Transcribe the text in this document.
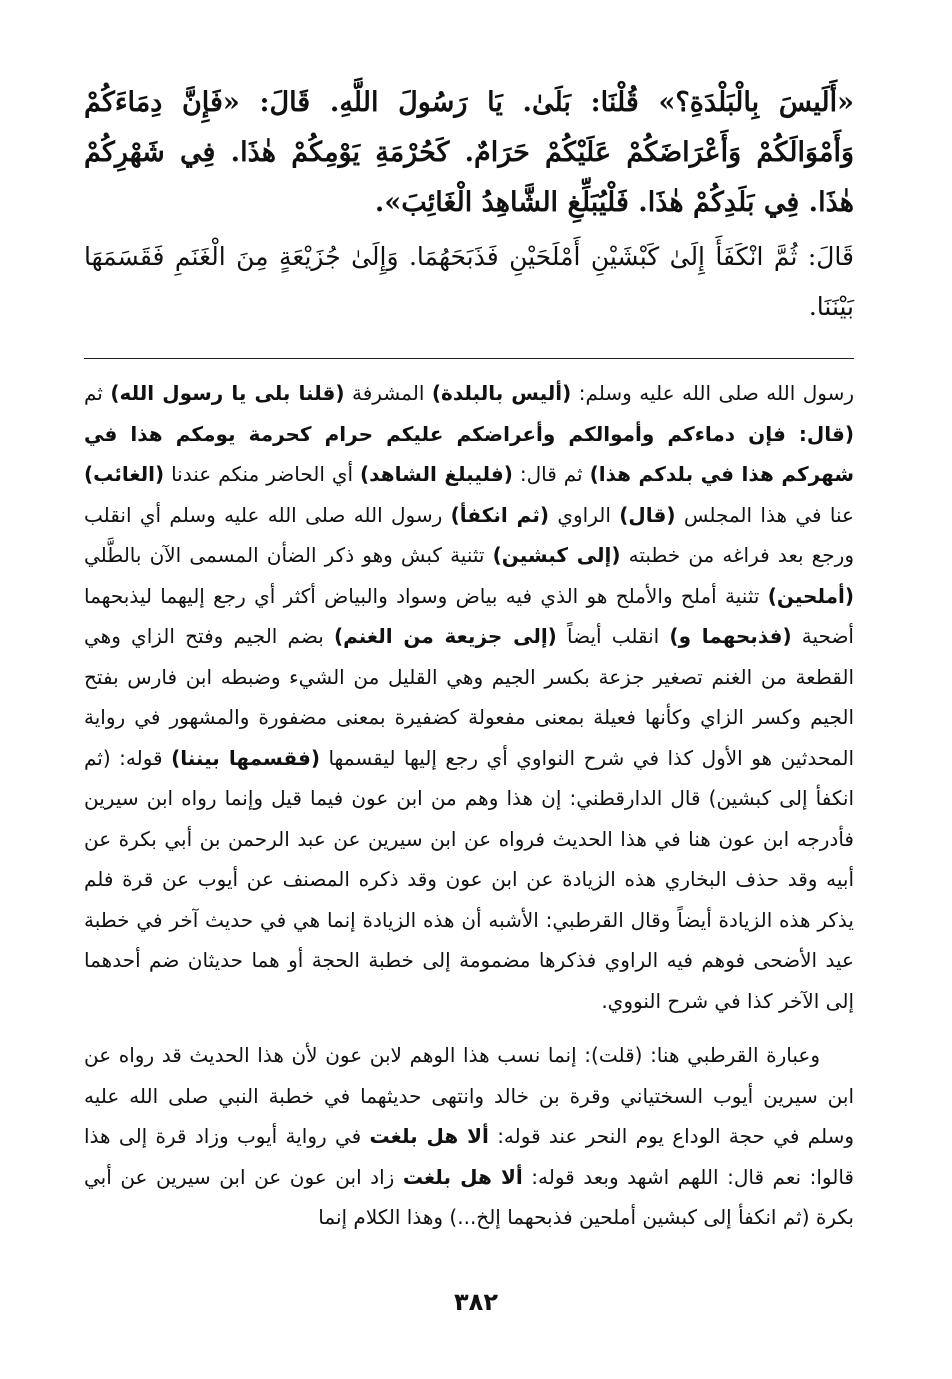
«أَلَيسَ بِالْبَلْدَةِ؟» قُلْنَا: بَلَىٰ. يَا رَسُولَ اللَّهِ. قَالَ: «فَإِنَّ دِمَاءَكُمْ وَأَمْوَالَكُمْ وَأَعْرَاضَكُمْ عَلَيْكُمْ حَرَامٌ. كَحُرْمَةِ يَوْمِكُمْ هٰذَا. فِي شَهْرِكُمْ هٰذَا. فِي بَلَدِكُمْ هٰذَا. فَلْيُبَلِّغِ الشَّاهِدُ الْغَائِبَ».

قَالَ: ثُمَّ انْكَفَأَ إِلَىٰ كَبْشَيْنِ أَمْلَحَيْنِ فَذَبَحَهُمَا. وَإِلَىٰ جُزَيْعَةٍ مِنَ الْغَنَمِ فَقَسَمَهَا بَيْنَنَا.

رسول الله صلى الله عليه وسلم: (أليس بالبلدة) المشرفة (قلنا بلى يا رسول الله) ثم (قال: فإن دماءكم وأموالكم وأعراضكم عليكم حرام كحرمة يومكم هذا في شهركم هذا في بلدكم هذا) ثم قال: (فليبلغ الشاهد) أي الحاضر منكم عندنا (الغائب) عنا في هذا المجلس (قال) الراوي (ثم انكفأ) رسول الله صلى الله عليه وسلم أي انقلب ورجع بعد فراغه من خطبته (إلى كبشين) تثنية كبش وهو ذكر الضأن المسمى الآن بالطَّلي (أملحين) تثنية أملح والأملح هو الذي فيه بياض وسواد والبياض أكثر أي رجع إليهما ليذبحهما أضحية (فذبحهما و) انقلب أيضاً (إلى جزيعة من الغنم) بضم الجيم وفتح الزاي وهي القطعة من الغنم تصغير جزعة بكسر الجيم وهي القليل من الشيء وضبطه ابن فارس بفتح الجيم وكسر الزاي وكأنها فعيلة بمعنى مفعولة كضفيرة بمعنى مضفورة والمشهور في رواية المحدثين هو الأول كذا في شرح النواوي أي رجع إليها ليقسمها (فقسمها بيننا) قوله: (ثم انكفأ إلى كبشين) قال الدارقطني: إن هذا وهم من ابن عون فيما قيل وإنما رواه ابن سيرين فأدرجه ابن عون هنا في هذا الحديث فرواه عن ابن سيرين عن عبد الرحمن بن أبي بكرة عن أبيه وقد حذف البخاري هذه الزيادة عن ابن عون وقد ذكره المصنف عن أيوب عن قرة فلم يذكر هذه الزيادة أيضاً وقال القرطبي: الأشبه أن هذه الزيادة إنما هي في حديث آخر في خطبة عيد الأضحى فوهم فيه الراوي فذكرها مضمومة إلى خطبة الحجة أو هما حديثان ضم أحدهما إلى الآخر كذا في شرح النووي.

وعبارة القرطبي هنا: (قلت): إنما نسب هذا الوهم لابن عون لأن هذا الحديث قد رواه عن ابن سيرين أيوب السختياني وقرة بن خالد وانتهى حديثهما في خطبة النبي صلى الله عليه وسلم في حجة الوداع يوم النحر عند قوله: ألا هل بلغت في رواية أيوب وزاد قرة إلى هذا قالوا: نعم قال: اللهم اشهد وبعد قوله: ألا هل بلغت زاد ابن عون عن ابن سيرين عن أبي بكرة (ثم انكفأ إلى كبشين أملحين فذبحهما إلخ...) وهذا الكلام إنما

٣٨٢
